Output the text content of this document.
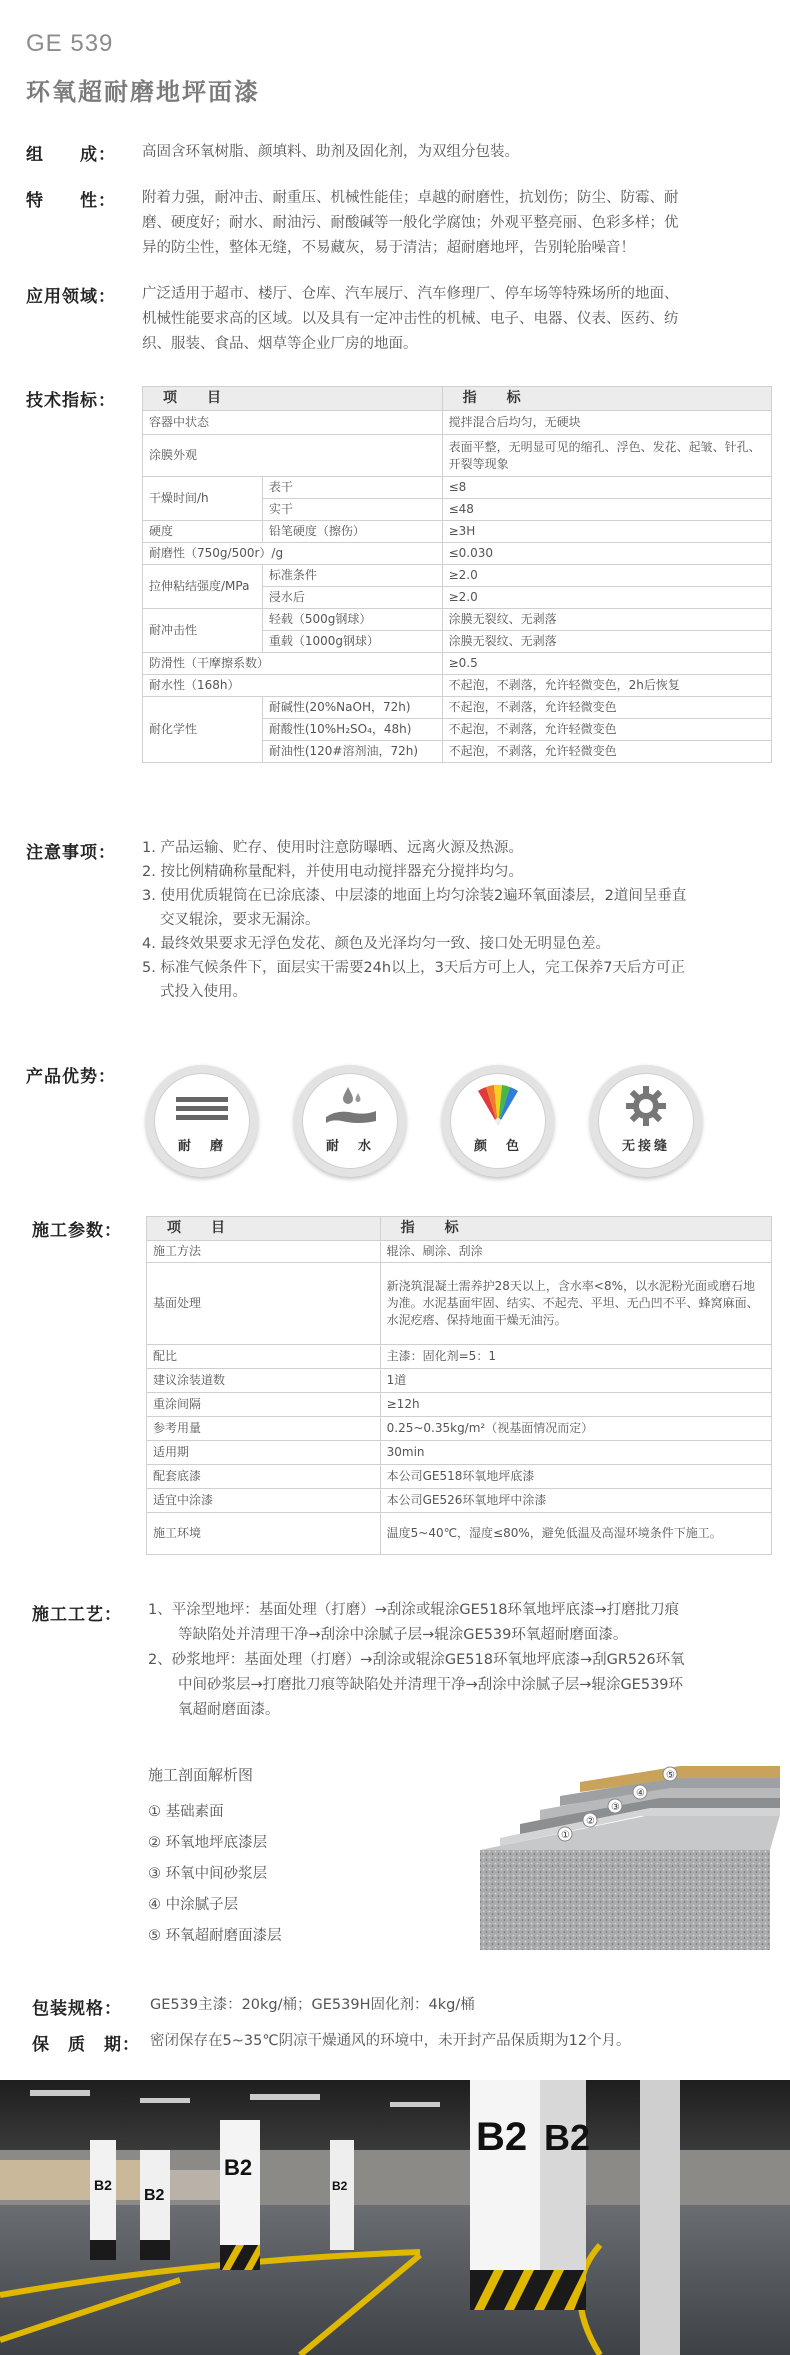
GE 539
环氧超耐磨地坪面漆
组　　成： 高固含环氧树脂、颜填料、助剂及固化剂，为双组分包装。
特　　性： 附着力强，耐冲击、耐重压、机械性能佳；卓越的耐磨性，抗划伤；防尘、防霉、耐
磨、硬度好；耐水、耐油污、耐酸碱等一般化学腐蚀；外观平整亮丽、色彩多样；优
异的防尘性，整体无缝，不易藏灰，易于清洁；超耐磨地坪，告别轮胎噪音！
应用领域： 广泛适用于超市、楼厅、仓库、汽车展厅、汽车修理厂、停车场等特殊场所的地面、
机械性能要求高的区域。以及具有一定冲击性的机械、电子、电器、仪表、医药、纺
织、服装、食品、烟草等企业厂房的地面。
技术指标：	项　目		指　标
容器中状态		搅拌混合后均匀，无硬块
涂膜外观		表面平整，无明显可见的缩孔、浮色、发花、起皱、针孔、开裂等现象
干燥时间/h	表干	≤8
	实干	≤48
硬度	铅笔硬度（擦伤）	≥3H
耐磨性（750g/500r）/g		≤0.030
拉伸粘结强度/MPa	标准条件	≥2.0
	浸水后	≥2.0
耐冲击性	轻载（500g钢球）	涂膜无裂纹、无剥落
	重载（1000g钢球）	涂膜无裂纹、无剥落
防滑性（干摩擦系数）		≥0.5
耐水性（168h）		不起泡，不剥落，允许轻微变色，2h后恢复
耐化学性	耐碱性(20%NaOH，72h)	不起泡，不剥落，允许轻微变色
	耐酸性(10%H₂SO₄，48h)	不起泡，不剥落，允许轻微变色
	耐油性(120#溶剂油，72h)	不起泡，不剥落，允许轻微变色
注意事项： 1. 产品运输、贮存、使用时注意防曝晒、远离火源及热源。
2. 按比例精确称量配料，并使用电动搅拌器充分搅拌均匀。
3. 使用优质辊筒在已涂底漆、中层漆的地面上均匀涂装2遍环氧面漆层，2道间呈垂直
交叉辊涂，要求无漏涂。
4. 最终效果要求无浮色发花、颜色及光泽均匀一致、接口处无明显色差。
5. 标准气候条件下，面层实干需要24h以上，3天后方可上人，完工保养7天后方可正
式投入使用。
产品优势：
耐　磨	耐　水	颜　色	无接缝
施工参数：	项　目	指　标
施工方法	辊涂、刷涂、刮涂
基面处理	新浇筑混凝土需养护28天以上，含水率<8%，以水泥粉光面或磨石地为准。水泥基面牢固、结实、不起壳、平坦、无凸凹不平、蜂窝麻面、水泥疙瘩、保持地面干燥无油污。
配比	主漆：固化剂=5：1
建议涂装道数	1道
重涂间隔	≥12h
参考用量	0.25~0.35kg/m²（视基面情况而定）
适用期	30min
配套底漆	本公司GE518环氧地坪底漆
适宜中涂漆	本公司GE526环氧地坪中涂漆
施工环境	温度5~40℃，湿度≤80%，避免低温及高湿环境条件下施工。
施工工艺： 1、平涂型地坪：基面处理（打磨）→刮涂或辊涂GE518环氧地坪底漆→打磨批刀痕
等缺陷处并清理干净→刮涂中涂腻子层→辊涂GE539环氧超耐磨面漆。
2、砂浆地坪：基面处理（打磨）→刮涂或辊涂GE518环氧地坪底漆→刮GR526环氧
中间砂浆层→打磨批刀痕等缺陷处并清理干净→刮涂中涂腻子层→辊涂GE539环
氧超耐磨面漆。
施工剖面解析图
① 基础素面
② 环氧地坪底漆层
③ 环氧中间砂浆层
④ 中涂腻子层
⑤ 环氧超耐磨面漆层
⑤
④
③
②
①
包装规格： GE539主漆：20kg/桶；GE539H固化剂：4kg/桶
保　质　期： 密闭保存在5~35℃阴凉干燥通风的环境中，未开封产品保质期为12个月。
B2
B2
B2
B2
B2 B2
